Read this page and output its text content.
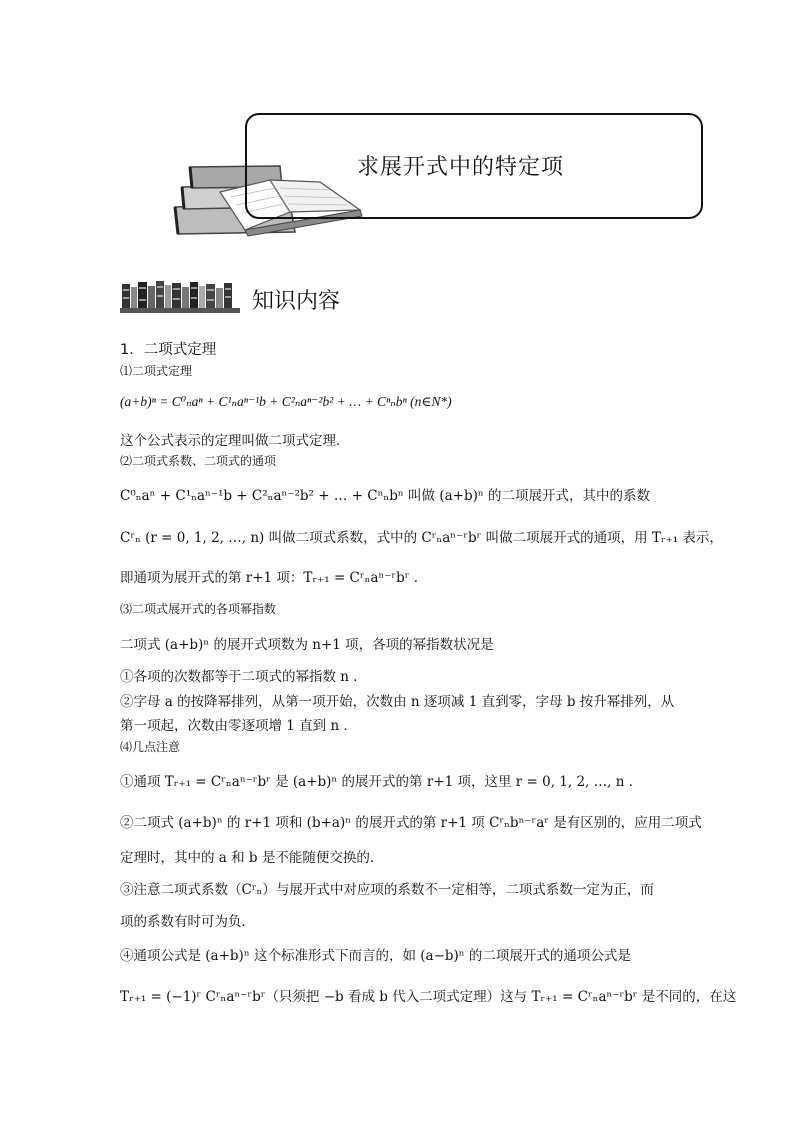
求展开式中的特定项
知识内容
1．二项式定理
⑴二项式定理
(a+b)ⁿ = C⁰ₙaⁿ + C¹ₙaⁿ⁻¹b + C²ₙaⁿ⁻²b² + … + Cⁿₙbⁿ (n∈N*)
这个公式表示的定理叫做二项式定理．
⑵二项式系数、二项式的通项
C⁰ₙaⁿ + C¹ₙaⁿ⁻¹b + C²ₙaⁿ⁻²b² + … + Cⁿₙbⁿ 叫做 (a+b)ⁿ 的二项展开式，其中的系数
Cʳₙ (r = 0, 1, 2, …, n) 叫做二项式系数，式中的 Cʳₙaⁿ⁻ʳbʳ 叫做二项展开式的通项，用 Tᵣ₊₁ 表示，
即通项为展开式的第 r+1 项：Tᵣ₊₁ = Cʳₙaⁿ⁻ʳbʳ ．
⑶二项式展开式的各项幂指数
二项式 (a+b)ⁿ 的展开式项数为 n+1 项，各项的幂指数状况是
①各项的次数都等于二项式的幂指数 n ．
②字母 a 的按降幂排列，从第一项开始，次数由 n 逐项减 1 直到零，字母 b 按升幂排列，从
第一项起，次数由零逐项增 1 直到 n ．
⑷几点注意
①通项 Tᵣ₊₁ = Cʳₙaⁿ⁻ʳbʳ 是 (a+b)ⁿ 的展开式的第 r+1 项，这里 r = 0, 1, 2, …, n ．
②二项式 (a+b)ⁿ 的 r+1 项和 (b+a)ⁿ 的展开式的第 r+1 项 Cʳₙbⁿ⁻ʳaʳ 是有区别的，应用二项式
定理时，其中的 a 和 b 是不能随便交换的．
③注意二项式系数（Cʳₙ）与展开式中对应项的系数不一定相等，二项式系数一定为正，而
项的系数有时可为负．
④通项公式是 (a+b)ⁿ 这个标准形式下而言的，如 (a−b)ⁿ 的二项展开式的通项公式是
Tᵣ₊₁ = (−1)ʳ Cʳₙaⁿ⁻ʳbʳ（只须把 −b 看成 b 代入二项式定理）这与 Tᵣ₊₁ = Cʳₙaⁿ⁻ʳbʳ 是不同的，在这
